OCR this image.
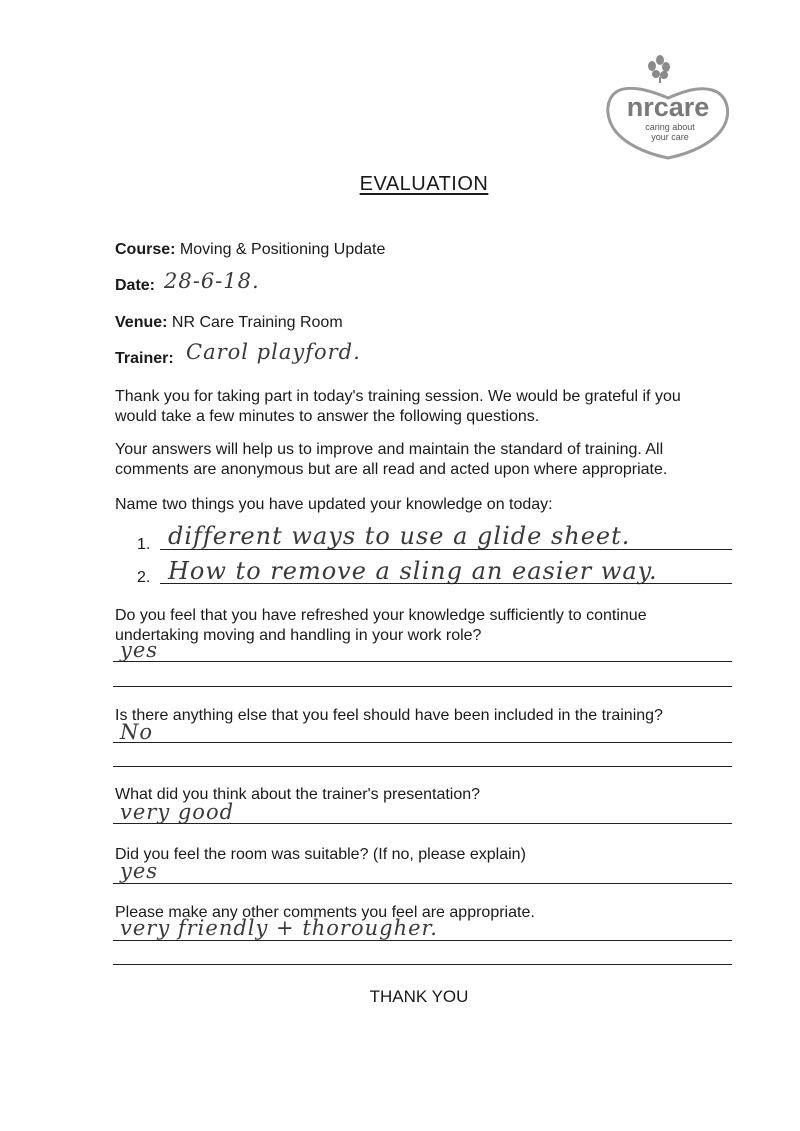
nrcare
caring about
your care
EVALUATION
Course: Moving & Positioning Update
Date: 28-6-18.
Venue: NR Care Training Room
Trainer: Carol playford.
Thank you for taking part in today's training session. We would be grateful if you
would take a few minutes to answer the following questions.
Your answers will help us to improve and maintain the standard of training. All
comments are anonymous but are all read and acted upon where appropriate.
Name two things you have updated your knowledge on today:
1. different ways to use a glide sheet.
2. How to remove a sling an easier way.
Do you feel that you have refreshed your knowledge sufficiently to continue
undertaking moving and handling in your work role?
yes
Is there anything else that you feel should have been included in the training?
No
What did you think about the trainer's presentation?
very good
Did you feel the room was suitable? (If no, please explain)
yes
Please make any other comments you feel are appropriate.
very friendly + thorougher.
THANK YOU
